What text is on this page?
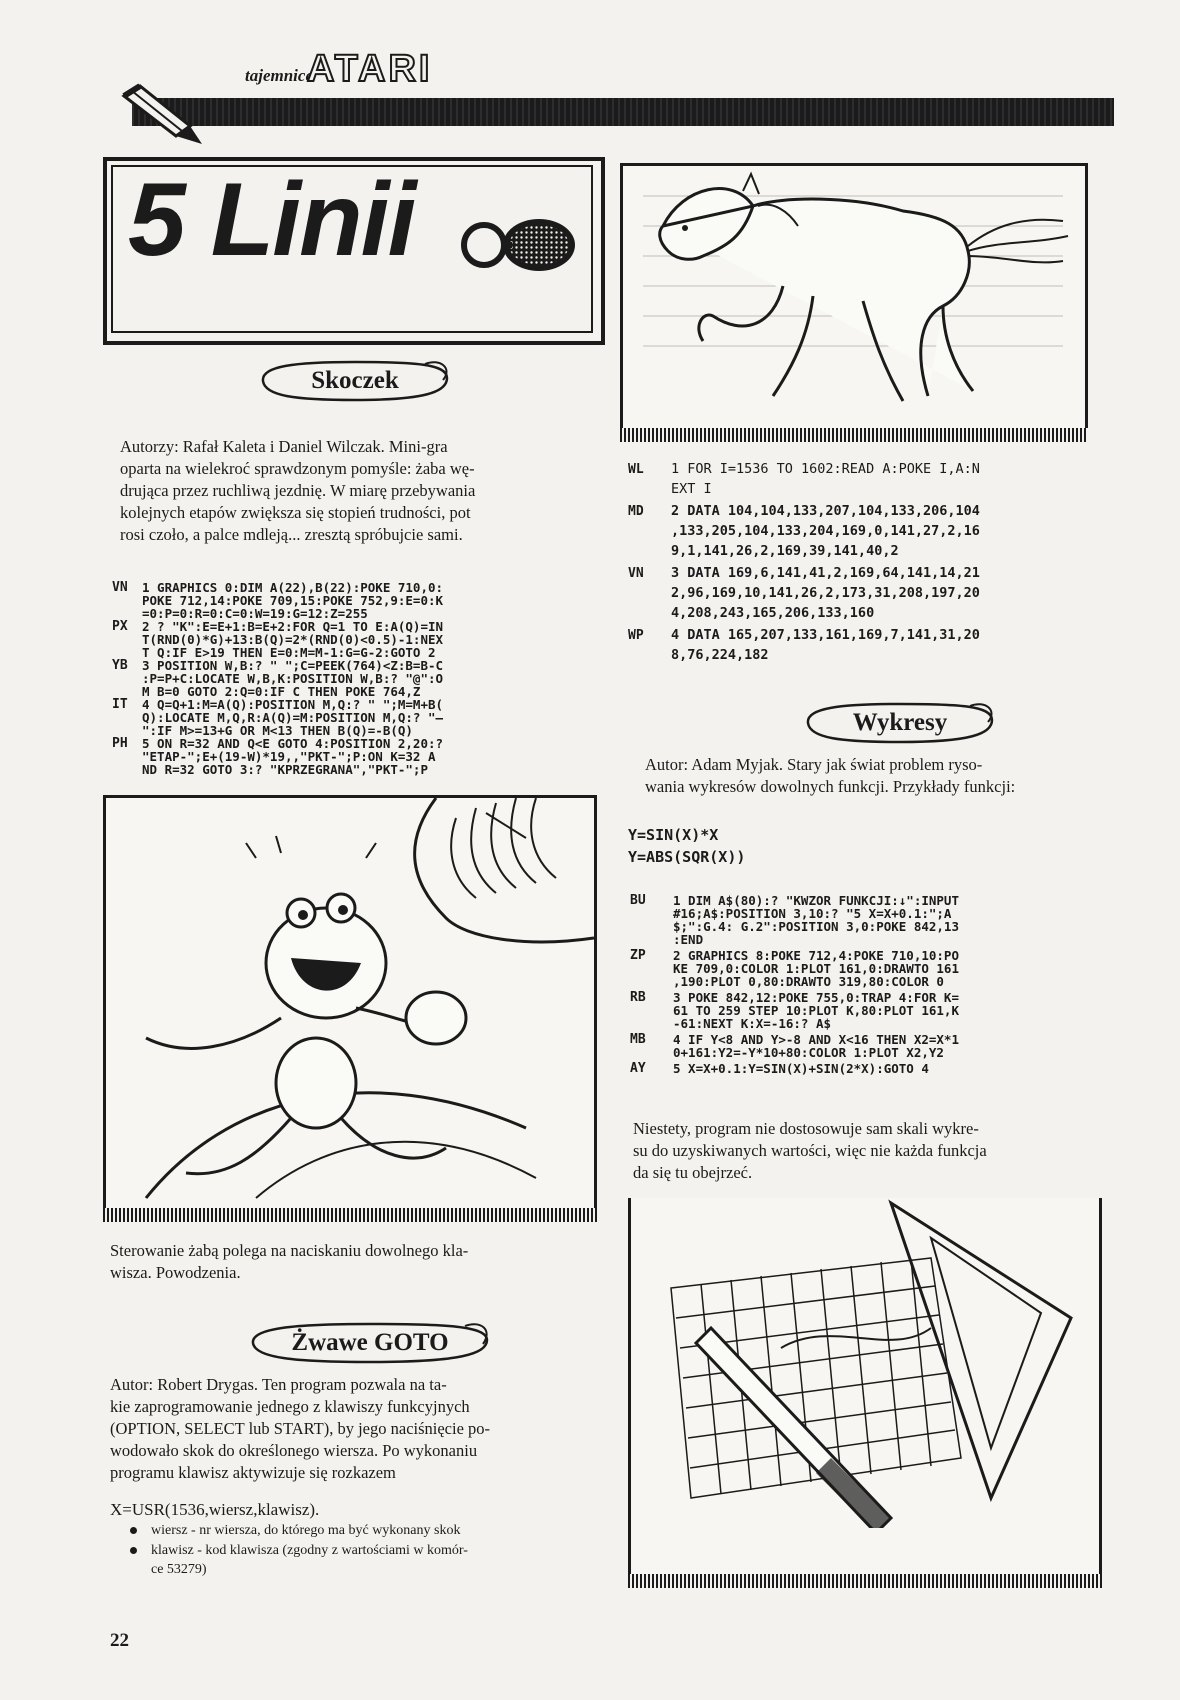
tajemnice
ATARI
5 Linii
Skoczek
Autorzy: Rafał Kaleta i Daniel Wilczak. Mini-gra
oparta na wielekroć sprawdzonym pomyśle: żaba wę-
drująca przez ruchliwą jezdnię. W miarę przebywania
kolejnych etapów zwiększa się stopień trudności, pot
rosi czoło, a palce mdleją... zresztą spróbujcie sami.
VN 1 GRAPHICS 0:DIM A(22),B(22):POKE 710,0:
POKE 712,14:POKE 709,15:POKE 752,9:E=0:K
=0:P=0:R=0:C=0:W=19:G=12:Z=255
PX 2 ? "K":E=E+1:B=E+2:FOR Q=1 TO E:A(Q)=IN
T(RND(0)*G)+13:B(Q)=2*(RND(0)<0.5)-1:NEX
T Q:IF E>19 THEN E=0:M=M-1:G=G-2:GOTO 2
YB 3 POSITION W,B:? " ";C=PEEK(764)<Z:B=B-C
:P=P+C:LOCATE W,B,K:POSITION W,B:? "@":O
M B=0 GOTO 2:Q=0:IF C THEN POKE 764,Z
IT 4 Q=Q+1:M=A(Q):POSITION M,Q:? " ";M=M+B(
Q):LOCATE M,Q,R:A(Q)=M:POSITION M,Q:? "—
":IF M>=13+G OR M<13 THEN B(Q)=-B(Q)
PH 5 ON R=32 AND Q<E GOTO 4:POSITION 2,20:?
"ETAP-";E+(19-W)*19,,"PKT-";P:ON K=32 A
ND R=32 GOTO 3:? "KPRZEGRANA","PKT-";P
Sterowanie żabą polega na naciskaniu dowolnego kla-
wisza. Powodzenia.
Żwawe GOTO
Autor: Robert Drygas. Ten program pozwala na ta-
kie zaprogramowanie jednego z klawiszy funkcyjnych
(OPTION, SELECT lub START), by jego naciśnięcie po-
wodowało skok do określonego wiersza. Po wykonaniu
programu klawisz aktywizuje się rozkazem
X=USR(1536,wiersz,klawisz).
wiersz - nr wiersza, do którego ma być wykonany skok
klawisz - kod klawisza (zgodny z wartościami w komór-
ce 53279)
WL 1 FOR I=1536 TO 1602:READ A:POKE I,A:N
EXT I
MD 2 DATA 104,104,133,207,104,133,206,104
,133,205,104,133,204,169,0,141,27,2,16
9,1,141,26,2,169,39,141,40,2
VN 3 DATA 169,6,141,41,2,169,64,141,14,21
2,96,169,10,141,26,2,173,31,208,197,20
4,208,243,165,206,133,160
WP 4 DATA 165,207,133,161,169,7,141,31,20
8,76,224,182
Wykresy
Autor: Adam Myjak. Stary jak świat problem ryso-
wania wykresów dowolnych funkcji. Przykłady funkcji:
Y=SIN(X)*X
Y=ABS(SQR(X))
BU 1 DIM A$(80):? "KWZOR FUNKCJI:↓":INPUT
#16;A$:POSITION 3,10:? "5 X=X+0.1:";A
$;":G.4: G.2":POSITION 3,0:POKE 842,13
:END
ZP 2 GRAPHICS 8:POKE 712,4:POKE 710,10:PO
KE 709,0:COLOR 1:PLOT 161,0:DRAWTO 161
,190:PLOT 0,80:DRAWTO 319,80:COLOR 0
RB 3 POKE 842,12:POKE 755,0:TRAP 4:FOR K=
61 TO 259 STEP 10:PLOT K,80:PLOT 161,K
-61:NEXT K:X=-16:? A$
MB 4 IF Y<8 AND Y>-8 AND X<16 THEN X2=X*1
0+161:Y2=-Y*10+80:COLOR 1:PLOT X2,Y2
AY 5 X=X+0.1:Y=SIN(X)+SIN(2*X):GOTO 4
Niestety, program nie dostosowuje sam skali wykre-
su do uzyskiwanych wartości, więc nie każda funkcja
da się tu obejrzeć.
22
